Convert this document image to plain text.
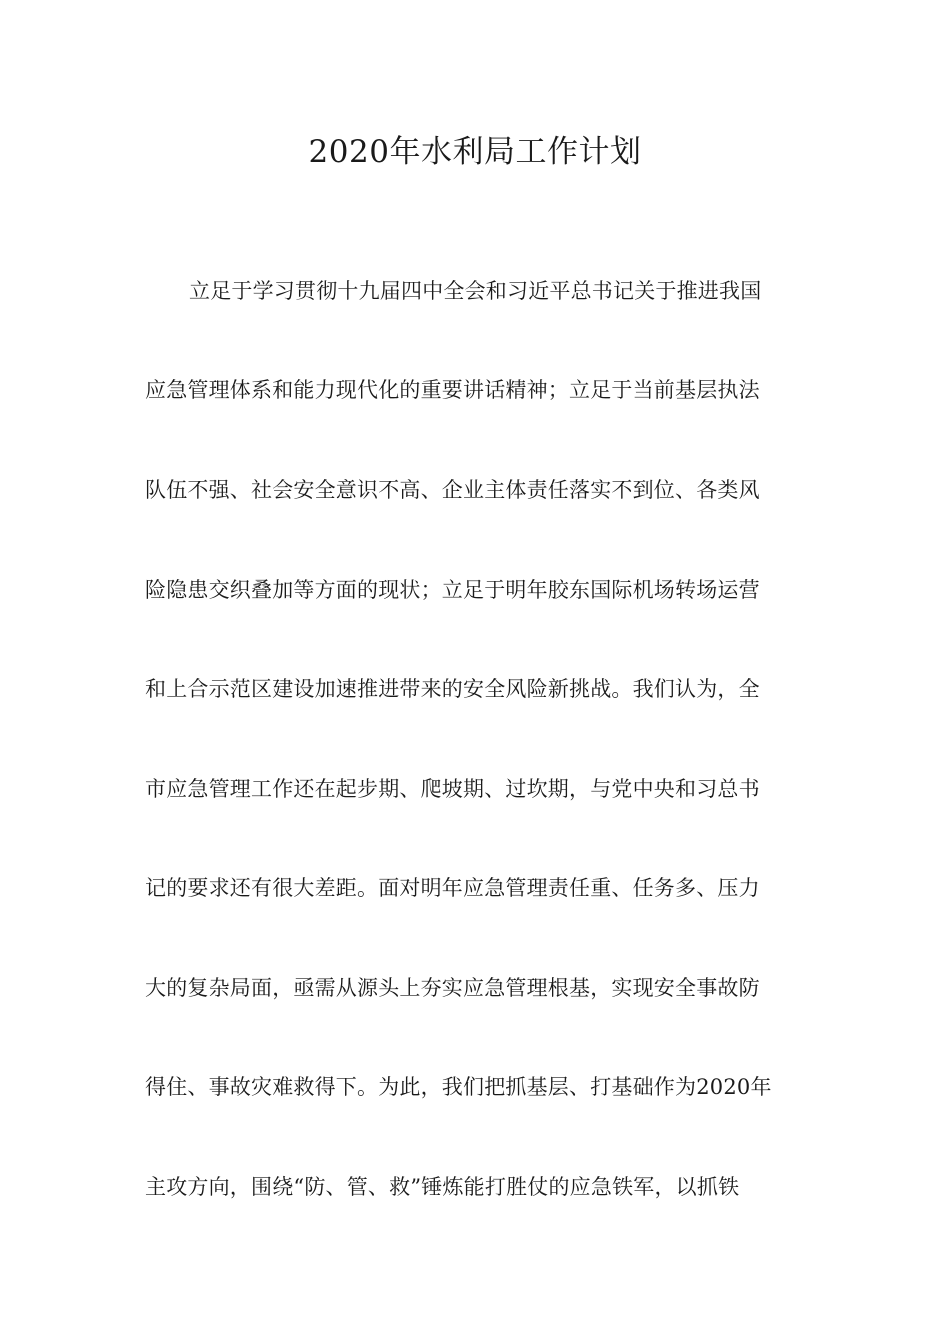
2020年水利局工作计划
立足于学习贯彻十九届四中全会和习近平总书记关于推进我国
应急管理体系和能力现代化的重要讲话精神；立足于当前基层执法
队伍不强、社会安全意识不高、企业主体责任落实不到位、各类风
险隐患交织叠加等方面的现状；立足于明年胶东国际机场转场运营
和上合示范区建设加速推进带来的安全风险新挑战。我们认为，全
市应急管理工作还在起步期、爬坡期、过坎期，与党中央和习总书
记的要求还有很大差距。面对明年应急管理责任重、任务多、压力
大的复杂局面，亟需从源头上夯实应急管理根基，实现安全事故防
得住、事故灾难救得下。为此，我们把抓基层、打基础作为2020年
主攻方向，围绕“防、管、救”锤炼能打胜仗的应急铁军，以抓铁
